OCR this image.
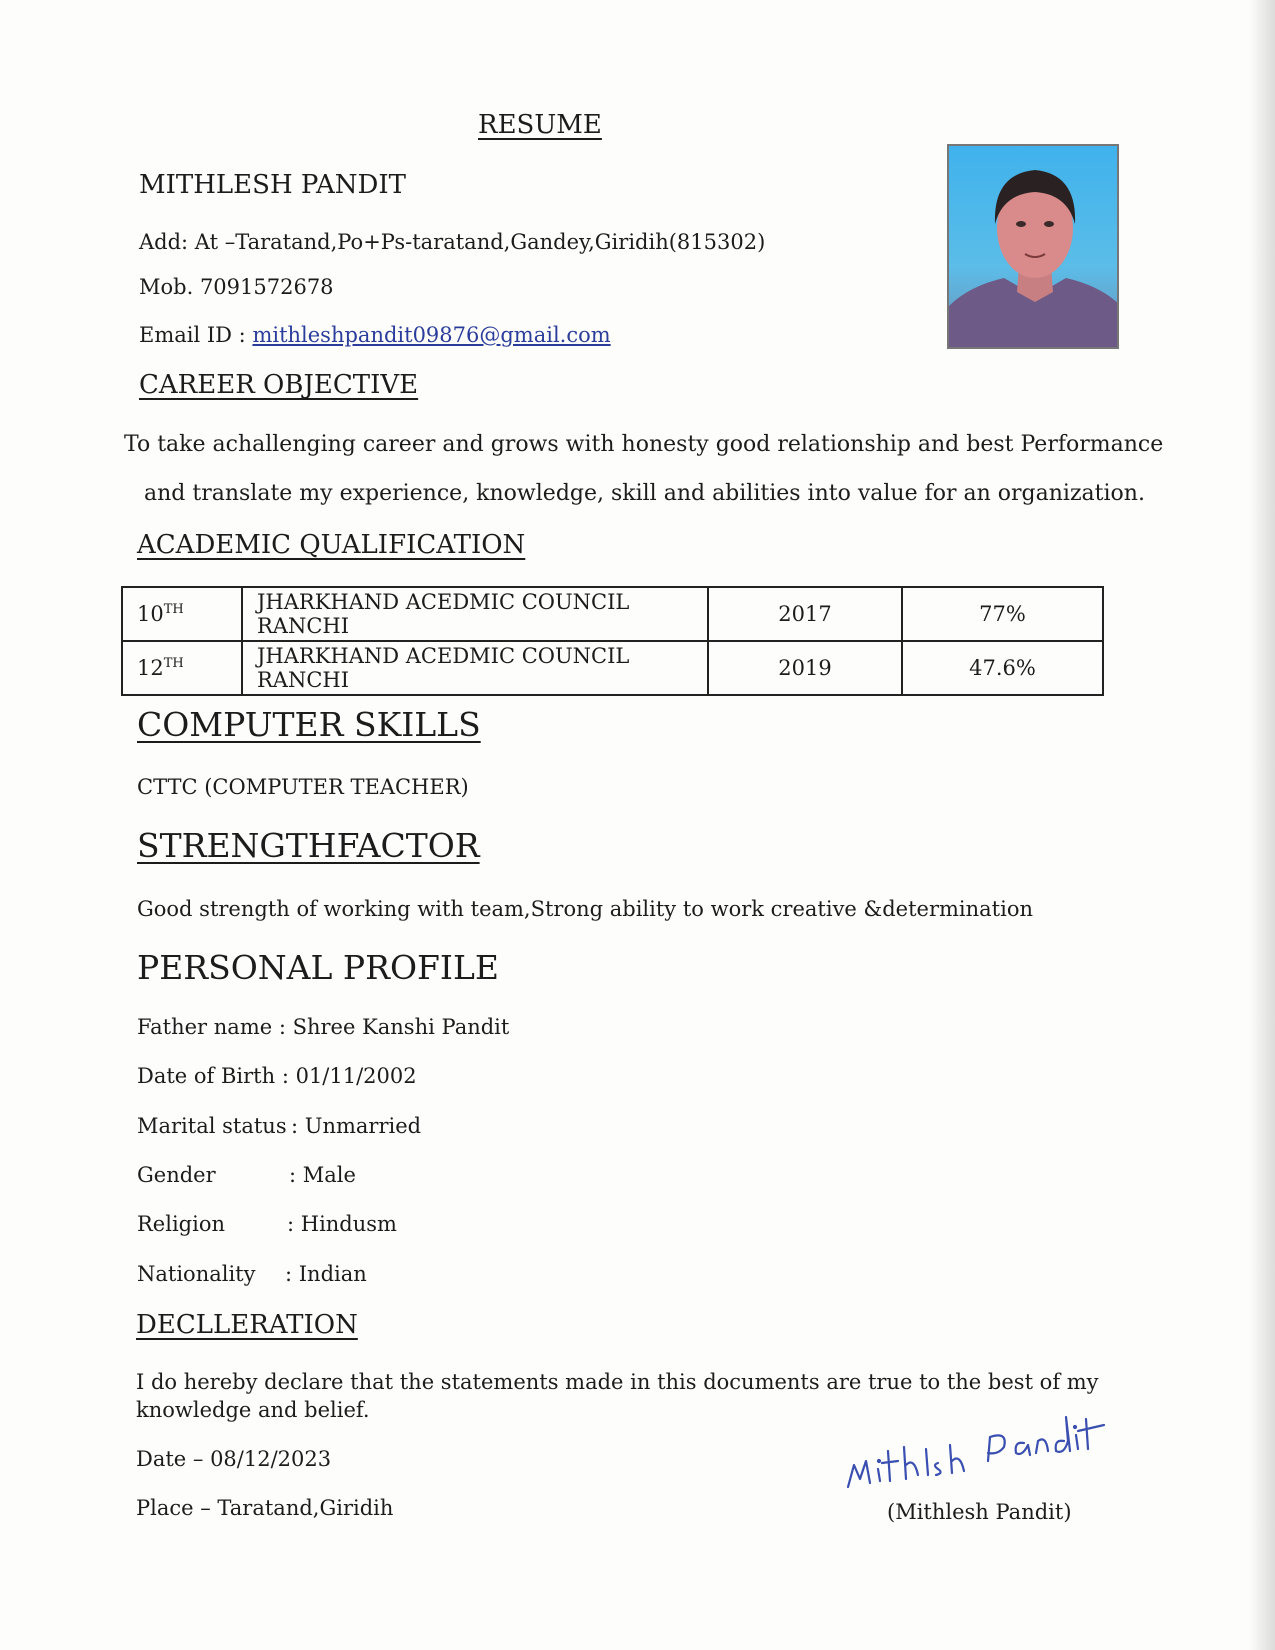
RESUME
MITHLESH PANDIT
Add: At –Taratand,Po+Ps-taratand,Gandey,Giridih(815302)
Mob. 7091572678
Email ID : mithleshpandit09876@gmail.com
CAREER OBJECTIVE
To take achallenging career and grows with honesty good relationship and best Performance
and translate my experience, knowledge, skill and abilities into value for an organization.
ACADEMIC QUALIFICATION
10TH	JHARKHAND ACEDMIC COUNCIL RANCHI	2017	77%
12TH	JHARKHAND ACEDMIC COUNCIL RANCHI	2019	47.6%
COMPUTER SKILLS
CTTC (COMPUTER TEACHER)
STRENGTHFACTOR
Good strength of working with team,Strong ability to work creative &determination
PERSONAL PROFILE
Father name : Shree Kanshi Pandit
Date of Birth : 01/11/2002
Marital status : Unmarried
Gender	: Male
Religion	: Hindusm
Nationality : Indian
DECLLERATION
I do hereby declare that the statements made in this documents are true to the best of my
knowledge and belief.
Date – 08/12/2023
Place – Taratand,Giridih	(Mithlesh Pandit)
